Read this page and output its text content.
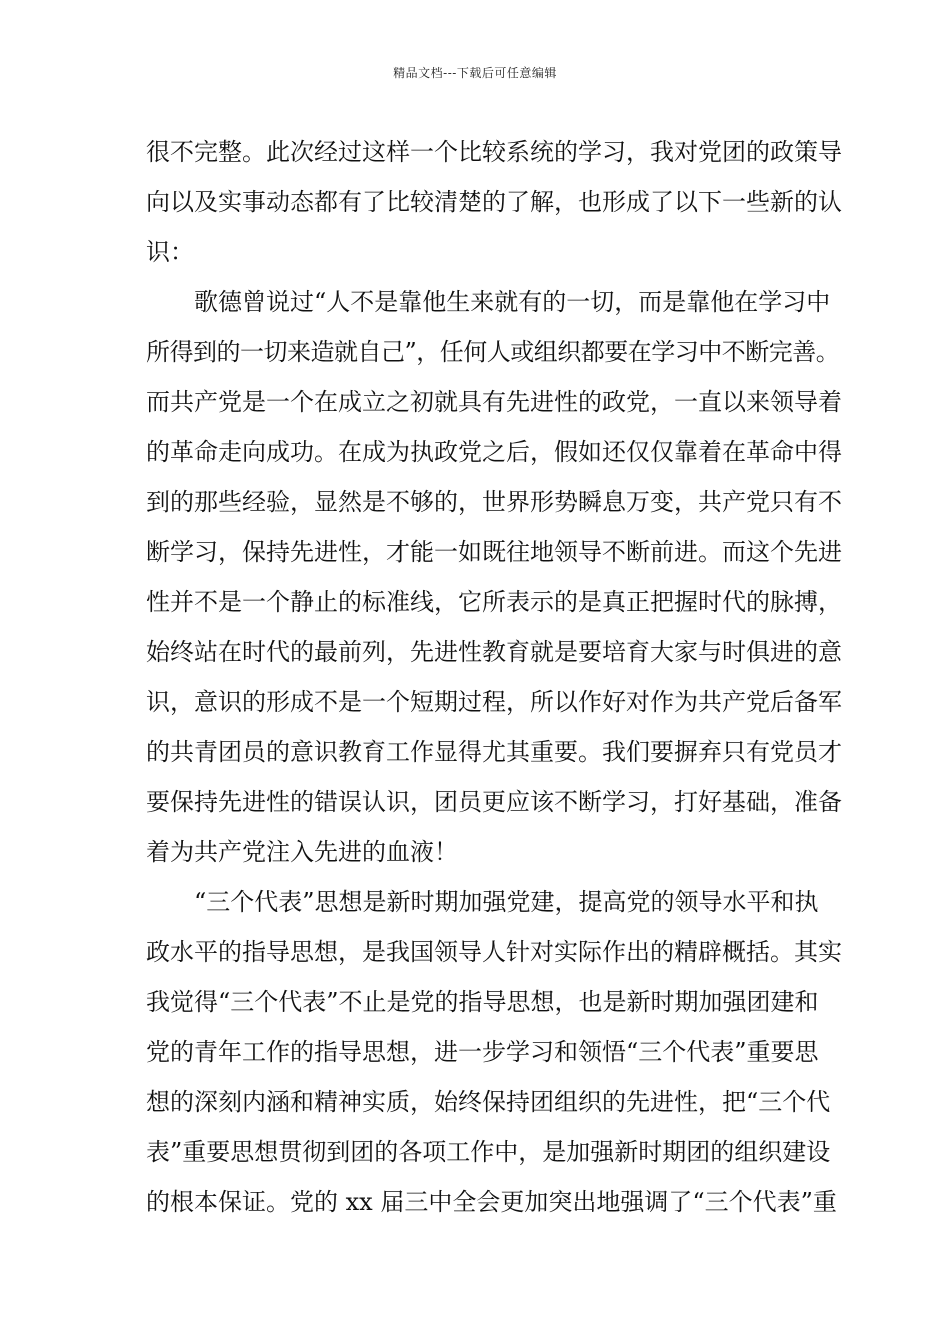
精品文档---下载后可任意编辑
很不完整。此次经过这样一个比较系统的学习，我对党团的政策导
向以及实事动态都有了比较清楚的了解，也形成了以下一些新的认
识：
歌德曾说过“人不是靠他生来就有的一切，而是靠他在学习中
所得到的一切来造就自己”，任何人或组织都要在学习中不断完善。
而共产党是一个在成立之初就具有先进性的政党，一直以来领导着
的革命走向成功。在成为执政党之后，假如还仅仅靠着在革命中得
到的那些经验，显然是不够的，世界形势瞬息万变，共产党只有不
断学习，保持先进性，才能一如既往地领导不断前进。而这个先进
性并不是一个静止的标准线，它所表示的是真正把握时代的脉搏，
始终站在时代的最前列，先进性教育就是要培育大家与时俱进的意
识，意识的形成不是一个短期过程，所以作好对作为共产党后备军
的共青团员的意识教育工作显得尤其重要。我们要摒弃只有党员才
要保持先进性的错误认识，团员更应该不断学习，打好基础，准备
着为共产党注入先进的血液！
“三个代表”思想是新时期加强党建，提高党的领导水平和执
政水平的指导思想，是我国领导人针对实际作出的精辟概括。其实
我觉得“三个代表”不止是党的指导思想，也是新时期加强团建和
党的青年工作的指导思想，进一步学习和领悟“三个代表”重要思
想的深刻内涵和精神实质，始终保持团组织的先进性，把“三个代
表”重要思想贯彻到团的各项工作中，是加强新时期团的组织建设
的根本保证。党的 xx 届三中全会更加突出地强调了“三个代表”重
